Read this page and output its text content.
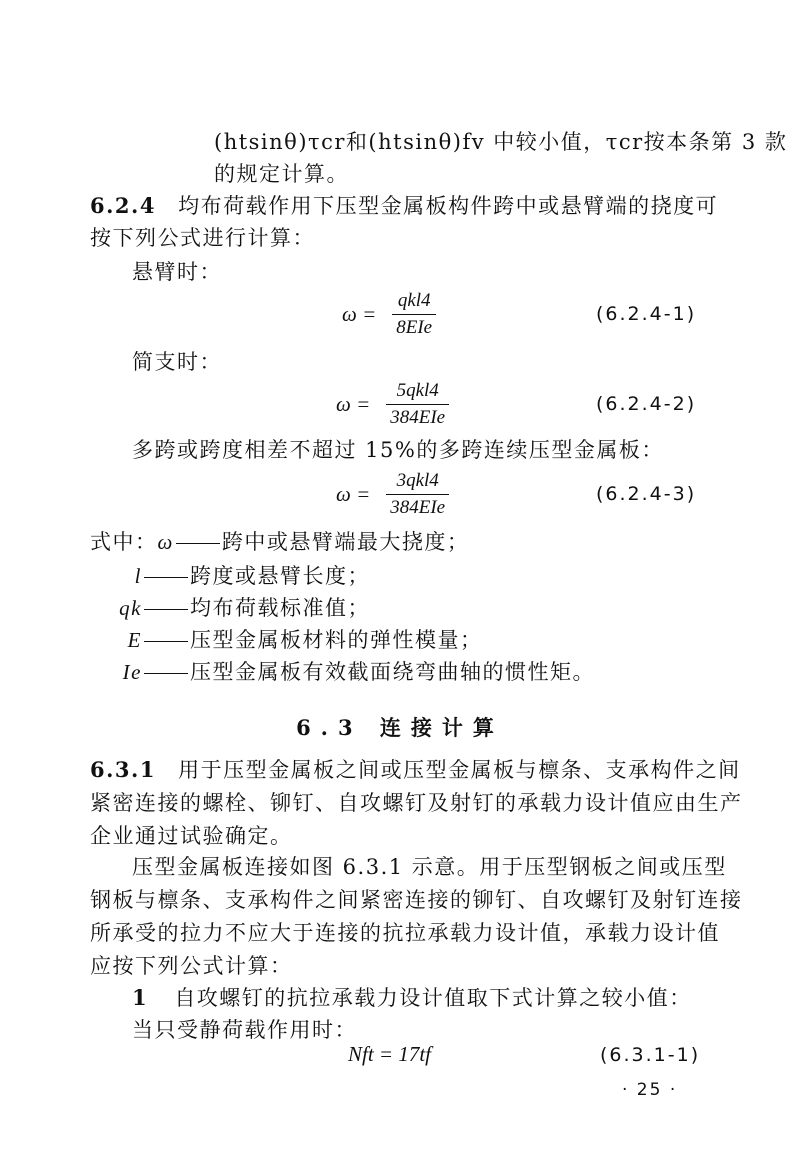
(htsinθ)τcr和(htsinθ)fv 中较小值，τcr按本条第 3 款
的规定计算。
6.2.4 均布荷载作用下压型金属板构件跨中或悬臂端的挠度可
按下列公式进行计算：
悬臂时：
$\omega = \frac{\text{qkl4}}{\text{8EIe}}$	(6.2.4-1)
简支时：
$\omega = \frac{\text{5qkl4}}{\text{384EIe}}$	(6.2.4-2)
多跨或跨度相差不超过 15%的多跨连续压型金属板：
$\omega = \frac{\text{3qkl4}}{\text{384EIe}}$	(6.2.4-3)
式中：ω 跨中或悬臂端最大挠度；
l 跨度或悬臂长度；
qk 均布荷载标准值；
E 压型金属板材料的弹性模量；
Ie 压型金属板有效截面绕弯曲轴的惯性矩。
6.3 连接计算
6.3.1 用于压型金属板之间或压型金属板与檩条、支承构件之间
紧密连接的螺栓、铆钉、自攻螺钉及射钉的承载力设计值应由生产
企业通过试验确定。
压型金属板连接如图 6.3.1 示意。用于压型钢板之间或压型
钢板与檩条、支承构件之间紧密连接的铆钉、自攻螺钉及射钉连接
所承受的拉力不应大于连接的抗拉承载力设计值，承载力设计值
应按下列公式计算：
1 自攻螺钉的抗拉承载力设计值取下式计算之较小值：
当只受静荷载作用时：
Nft = 17tf	(6.3.1-1)
· 25 ·
